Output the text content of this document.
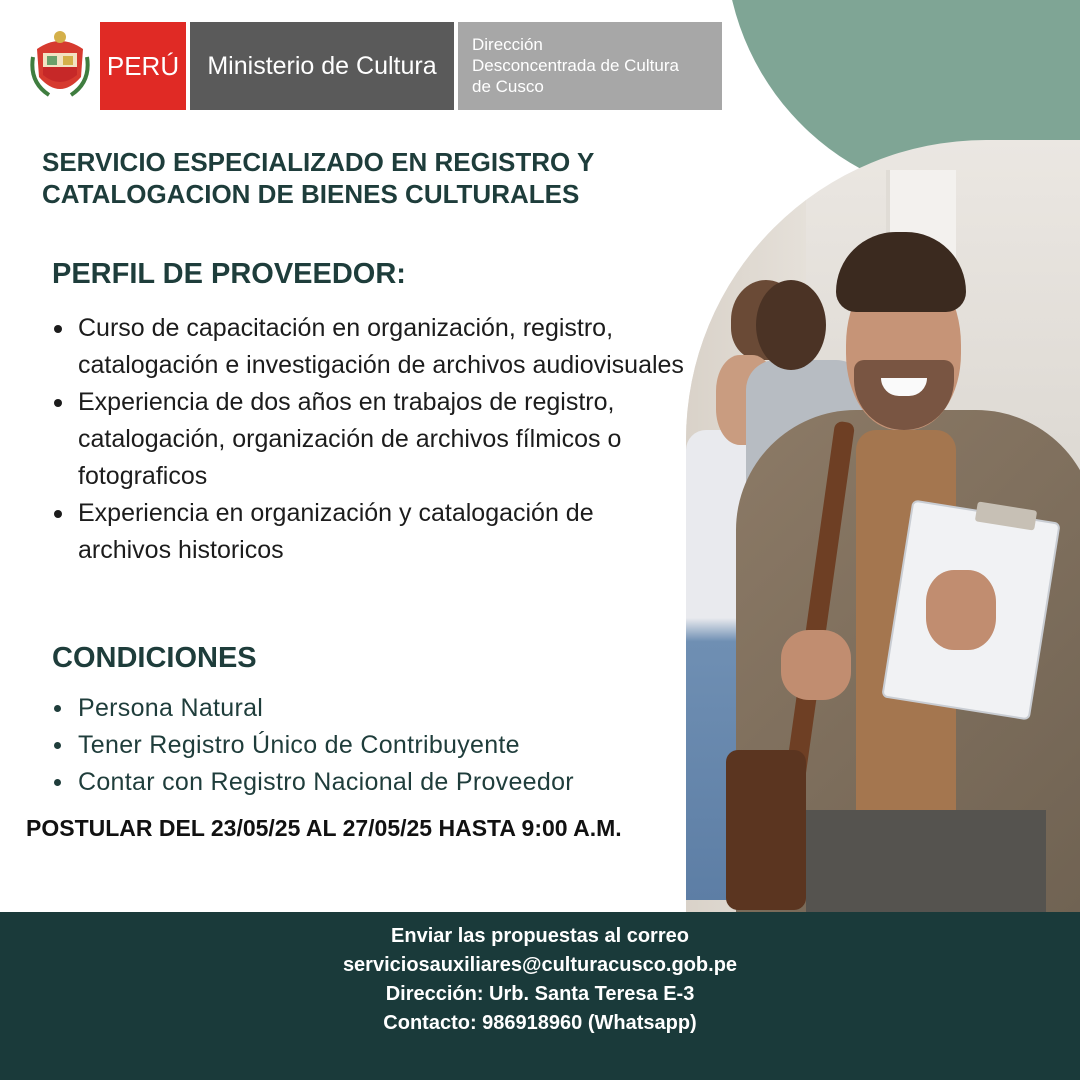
PERÚ	Ministerio de Cultura
Dirección
Desconcentrada de Cultura
de Cusco
SERVICIO ESPECIALIZADO EN REGISTRO Y CATALOGACION DE BIENES CULTURALES
PERFIL DE PROVEEDOR:
Curso de capacitación en organización, registro, catalogación e investigación de archivos audiovisuales
Experiencia de dos años en trabajos de registro, catalogación, organización de archivos fílmicos o fotograficos
Experiencia en organización y catalogación de archivos historicos
CONDICIONES
Persona Natural
Tener Registro Único de Contribuyente
Contar con Registro Nacional de Proveedor
POSTULAR DEL 23/05/25 AL 27/05/25 HASTA 9:00 A.M.
Enviar las propuestas al correo
serviciosauxiliares@culturacusco.gob.pe
Dirección: Urb. Santa Teresa E-3
Contacto: 986918960 (Whatsapp)
